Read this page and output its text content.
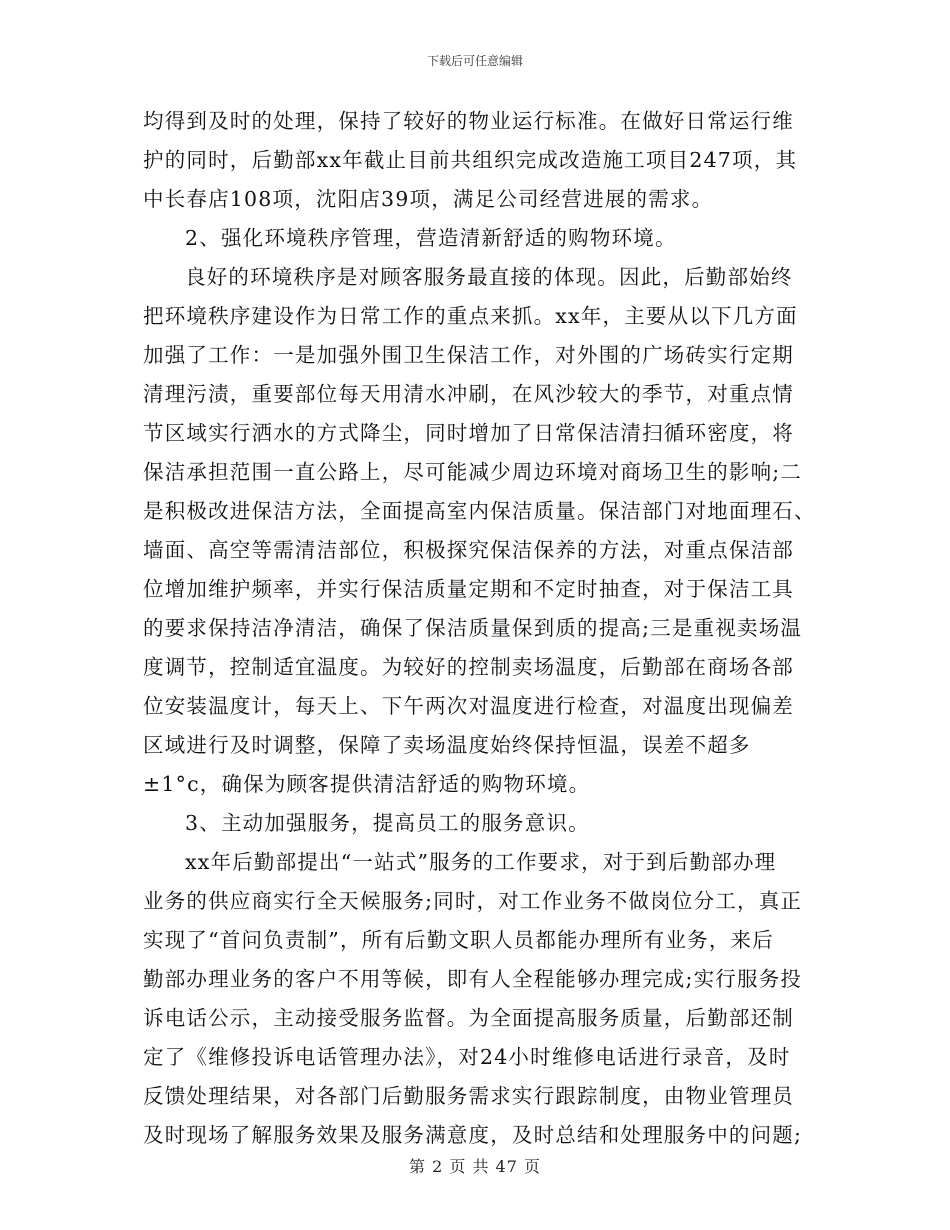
下载后可任意编辑
均得到及时的处理，保持了较好的物业运行标准。在做好日常运行维
护的同时，后勤部xx年截止目前共组织完成改造施工项目247项，其
中长春店108项，沈阳店39项，满足公司经营进展的需求。
2、强化环境秩序管理，营造清新舒适的购物环境。
良好的环境秩序是对顾客服务最直接的体现。因此，后勤部始终
把环境秩序建设作为日常工作的重点来抓。xx年，主要从以下几方面
加强了工作：一是加强外围卫生保洁工作，对外围的广场砖实行定期
清理污渍，重要部位每天用清水冲刷，在风沙较大的季节，对重点情
节区域实行洒水的方式降尘，同时增加了日常保洁清扫循环密度，将
保洁承担范围一直公路上，尽可能减少周边环境对商场卫生的影响;二
是积极改进保洁方法，全面提高室内保洁质量。保洁部门对地面理石、
墙面、高空等需清洁部位，积极探究保洁保养的方法，对重点保洁部
位增加维护频率，并实行保洁质量定期和不定时抽查，对于保洁工具
的要求保持洁净清洁，确保了保洁质量保到质的提高;三是重视卖场温
度调节，控制适宜温度。为较好的控制卖场温度，后勤部在商场各部
位安装温度计，每天上、下午两次对温度进行检查，对温度出现偏差
区域进行及时调整，保障了卖场温度始终保持恒温，误差不超多
±1°c，确保为顾客提供清洁舒适的购物环境。
3、主动加强服务，提高员工的服务意识。
xx年后勤部提出“一站式”服务的工作要求，对于到后勤部办理
业务的供应商实行全天候服务;同时，对工作业务不做岗位分工，真正
实现了“首问负责制”，所有后勤文职人员都能办理所有业务，来后
勤部办理业务的客户不用等候，即有人全程能够办理完成;实行服务投
诉电话公示，主动接受服务监督。为全面提高服务质量，后勤部还制
定了《维修投诉电话管理办法》，对24小时维修电话进行录音，及时
反馈处理结果，对各部门后勤服务需求实行跟踪制度，由物业管理员
及时现场了解服务效果及服务满意度，及时总结和处理服务中的问题;
第 2 页 共 47 页
